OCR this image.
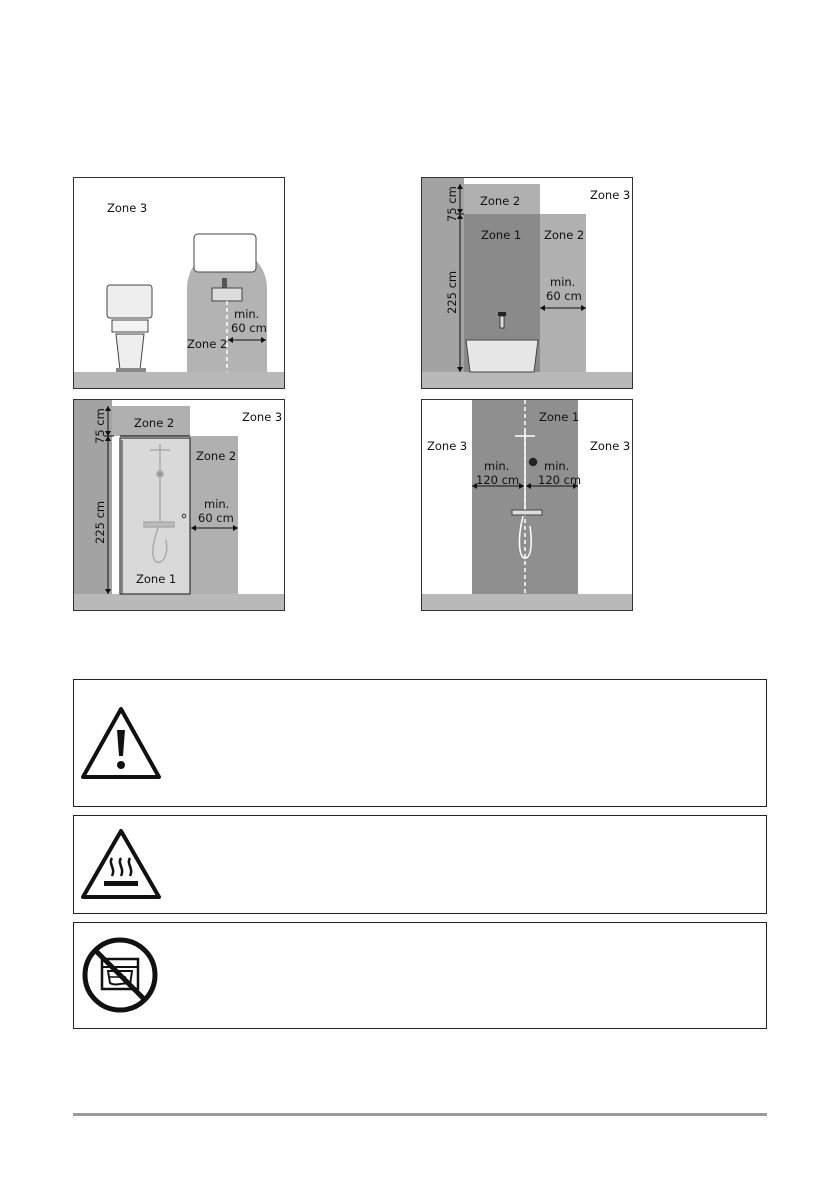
Zone 3
Zone 2
min.
60 cm
75 cm
225 cm
Zone 2	Zone 3
Zone 1 Zone 2
min.
60 cm
75 cm
225 cm
Zone 2	Zone 3
Zone 2
Zone 1
min.
60 cm
Zone 1
Zone 3	Zone 3
min.
120 cm
min.
120 cm
